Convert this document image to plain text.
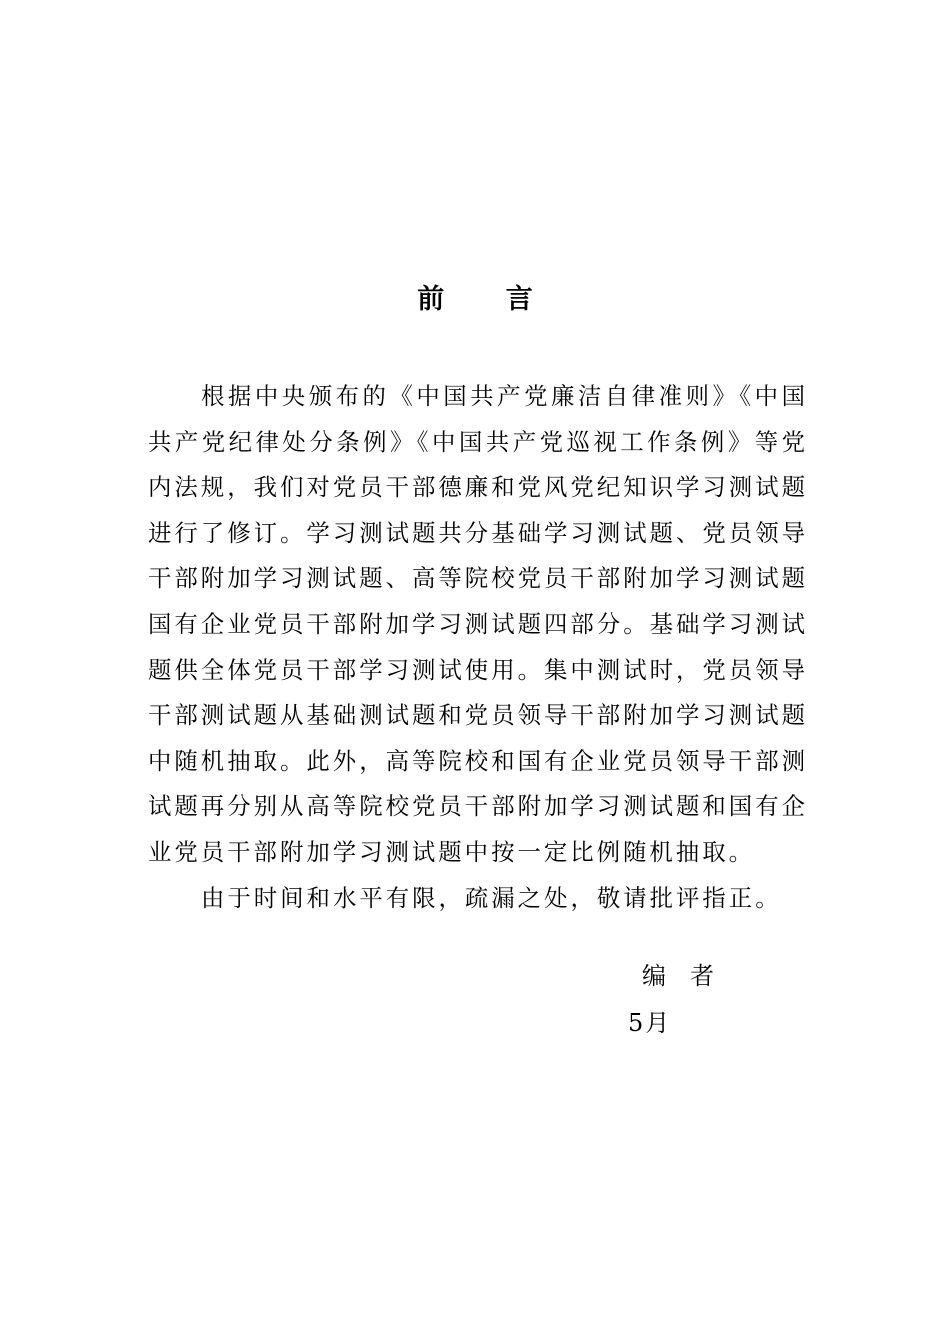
前 言

根据中央颁布的《中国共产党廉洁自律准则》《中国共产党纪律处分条例》《中国共产党巡视工作条例》等党内法规，我们对党员干部德廉和党风党纪知识学习测试题进行了修订。学习测试题共分基础学习测试题、党员领导干部附加学习测试题、高等院校党员干部附加学习测试题国有企业党员干部附加学习测试题四部分。基础学习测试题供全体党员干部学习测试使用。集中测试时，党员领导干部测试题从基础测试题和党员领导干部附加学习测试题中随机抽取。此外，高等院校和国有企业党员领导干部测试题再分别从高等院校党员干部附加学习测试题和国有企业党员干部附加学习测试题中按一定比例随机抽取。

由于时间和水平有限，疏漏之处，敬请批评指正。

编者
5月
